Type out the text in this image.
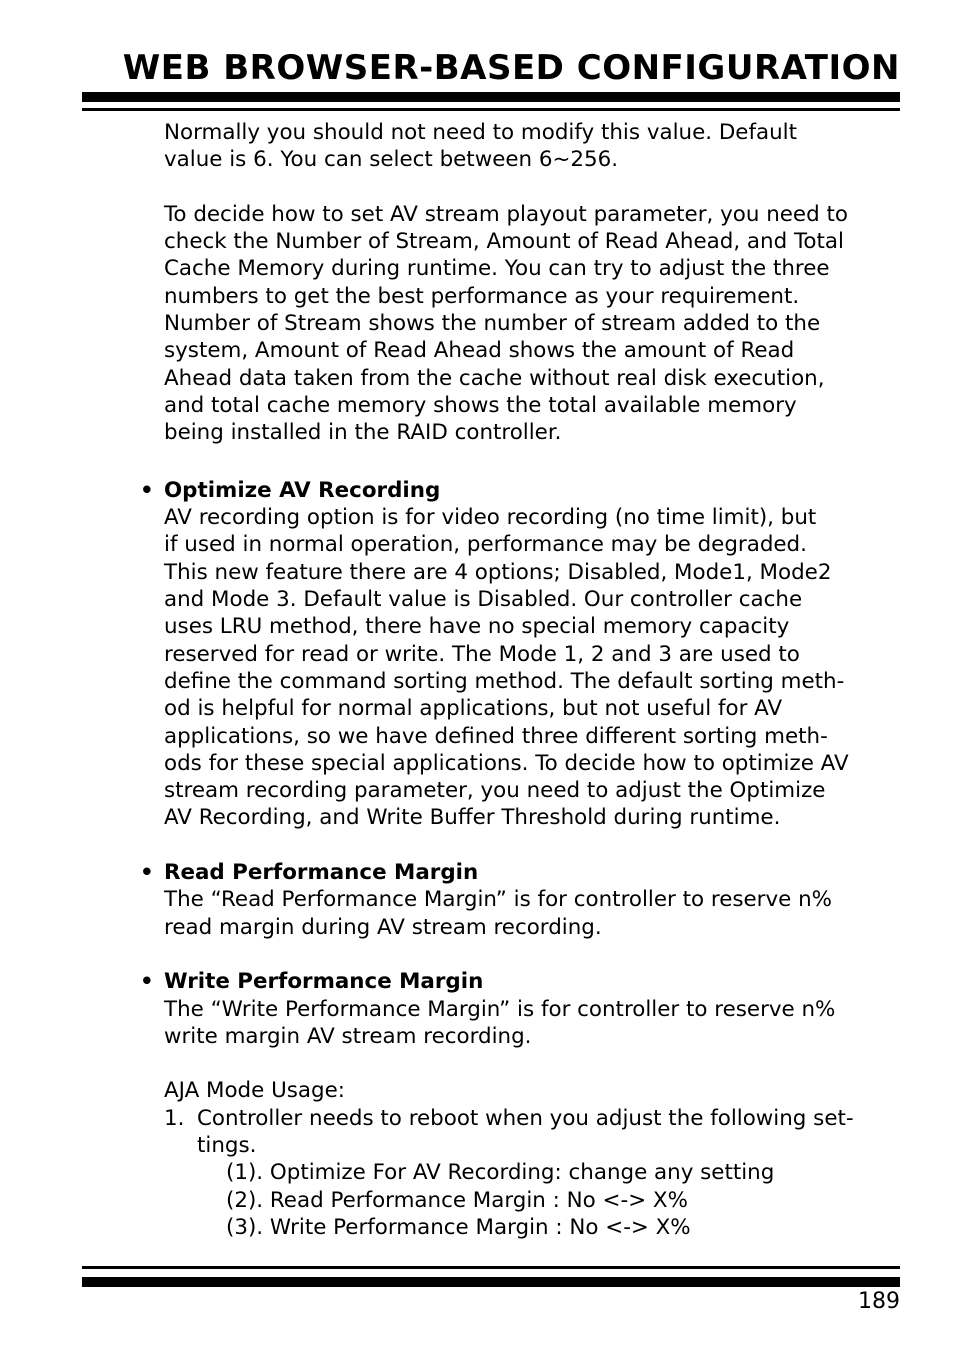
WEB BROWSER-BASED CONFIGURATION
Normally you should not need to modify this value. Default
value is 6. You can select between 6~256.
To decide how to set AV stream playout parameter, you need to
check the Number of Stream, Amount of Read Ahead, and Total
Cache Memory during runtime. You can try to adjust the three
numbers to get the best performance as your requirement.
Number of Stream shows the number of stream added to the
system, Amount of Read Ahead shows the amount of Read
Ahead data taken from the cache without real disk execution,
and total cache memory shows the total available memory
being installed in the RAID controller.
• Optimize AV Recording
AV recording option is for video recording (no time limit), but
if used in normal operation, performance may be degraded.
This new feature there are 4 options; Disabled, Mode1, Mode2
and Mode 3. Default value is Disabled. Our controller cache
uses LRU method, there have no special memory capacity
reserved for read or write. The Mode 1, 2 and 3 are used to
define the command sorting method. The default sorting meth-
od is helpful for normal applications, but not useful for AV
applications, so we have defined three different sorting meth-
ods for these special applications. To decide how to optimize AV
stream recording parameter, you need to adjust the Optimize
AV Recording, and Write Buffer Threshold during runtime.
• Read Performance Margin
The “Read Performance Margin” is for controller to reserve n%
read margin during AV stream recording.
• Write Performance Margin
The “Write Performance Margin” is for controller to reserve n%
write margin AV stream recording.
AJA Mode Usage:
1. Controller needs to reboot when you adjust the following set-
tings.
(1). Optimize For AV Recording: change any setting
(2). Read Performance Margin : No <-> X%
(3). Write Performance Margin : No <-> X%
189
